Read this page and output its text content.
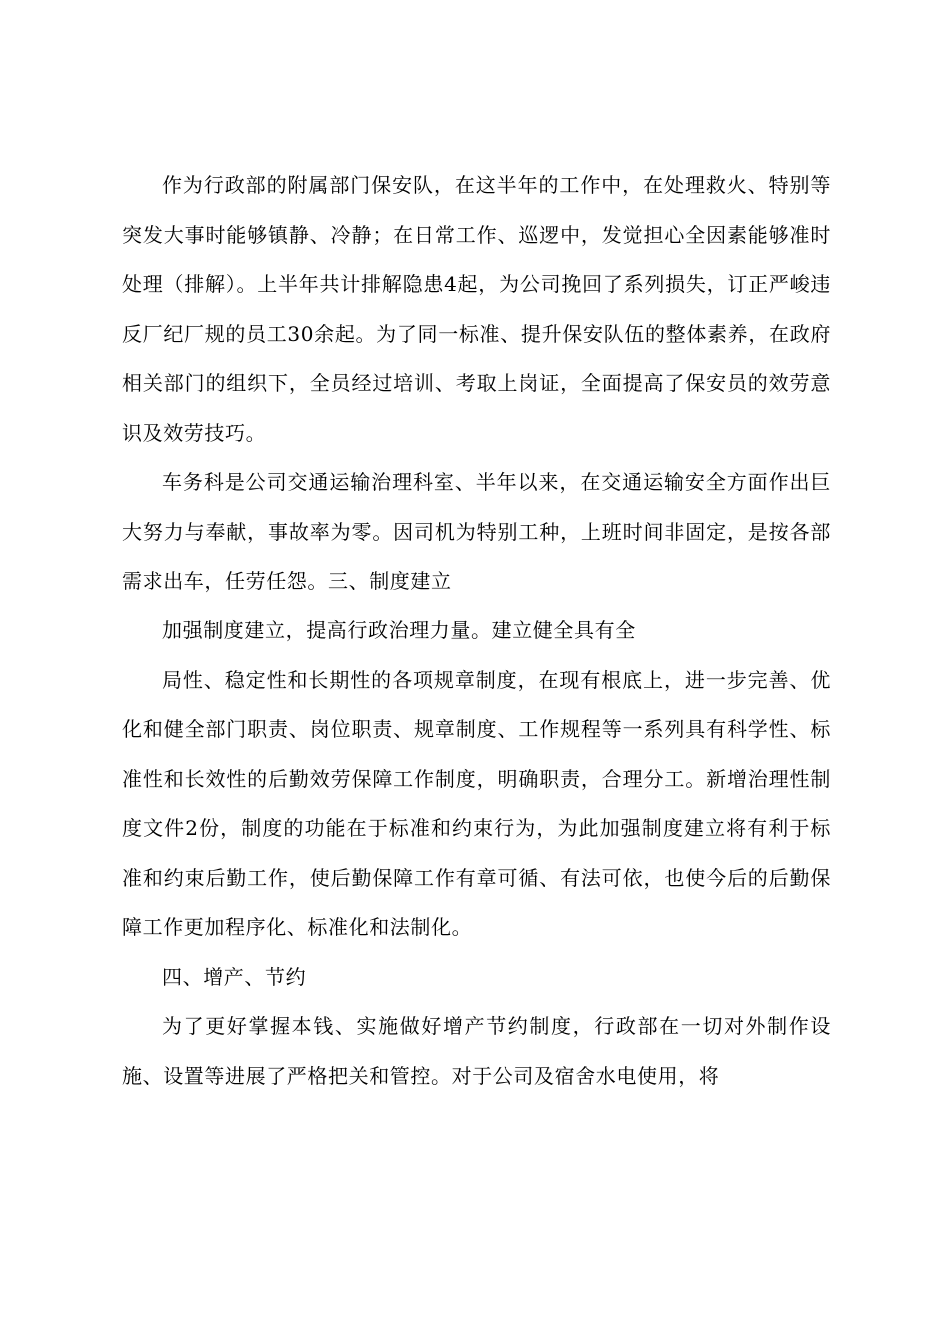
作为行政部的附属部门保安队，在这半年的工作中，在处理救火、特别等突发大事时能够镇静、冷静；在日常工作、巡逻中，发觉担心全因素能够准时处理（排解）。上半年共计排解隐患4起，为公司挽回了系列损失，订正严峻违反厂纪厂规的员工30余起。为了同一标准、提升保安队伍的整体素养，在政府相关部门的组织下，全员经过培训、考取上岗证，全面提高了保安员的效劳意识及效劳技巧。

车务科是公司交通运输治理科室、半年以来，在交通运输安全方面作出巨大努力与奉献，事故率为零。因司机为特别工种，上班时间非固定，是按各部需求出车，任劳任怨。三、制度建立

加强制度建立，提高行政治理力量。建立健全具有全

局性、稳定性和长期性的各项规章制度，在现有根底上，进一步完善、优化和健全部门职责、岗位职责、规章制度、工作规程等一系列具有科学性、标准性和长效性的后勤效劳保障工作制度，明确职责，合理分工。新增治理性制度文件2份，制度的功能在于标准和约束行为，为此加强制度建立将有利于标准和约束后勤工作，使后勤保障工作有章可循、有法可依，也使今后的后勤保障工作更加程序化、标准化和法制化。

四、增产、节约

为了更好掌握本钱、实施做好增产节约制度，行政部在一切对外制作设施、设置等进展了严格把关和管控。对于公司及宿舍水电使用，将
